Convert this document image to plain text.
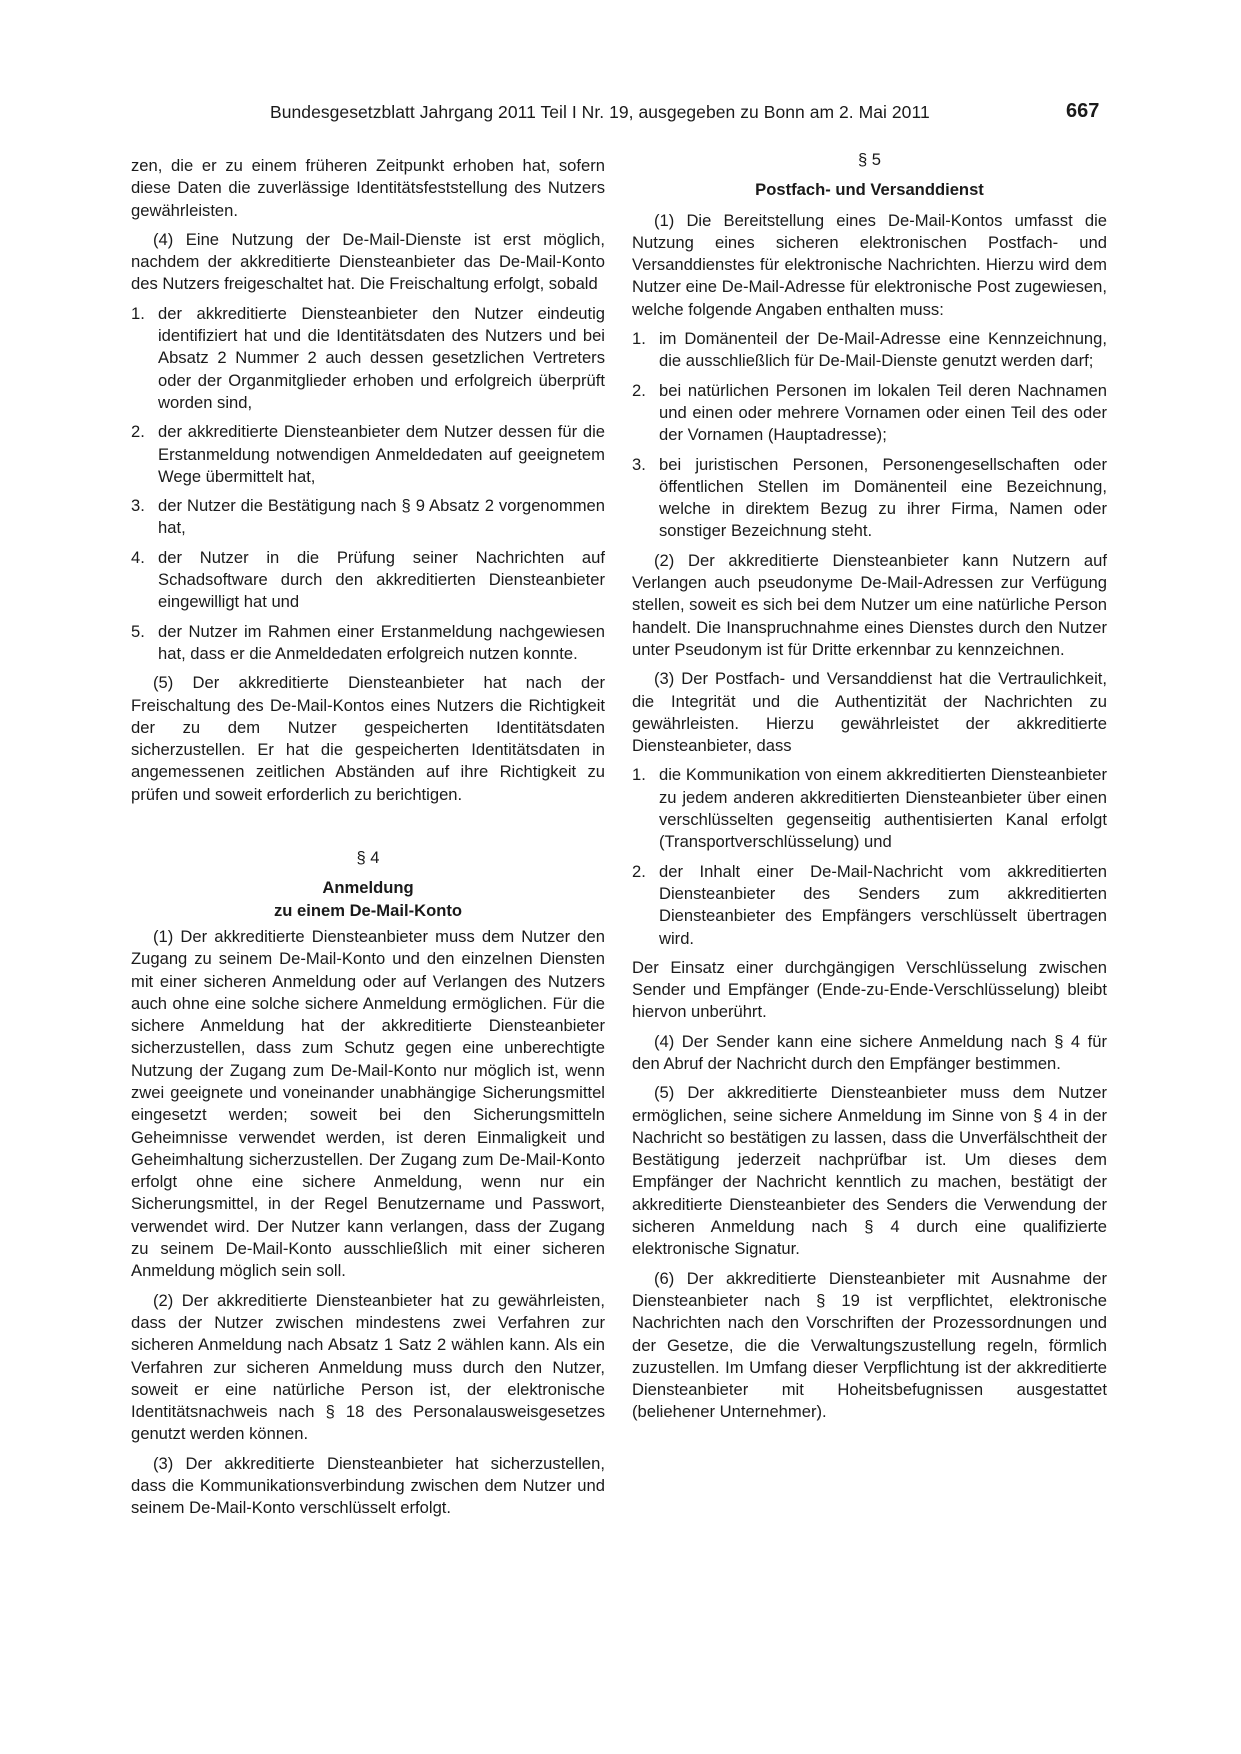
Bundesgesetzblatt Jahrgang 2011 Teil I Nr. 19, ausgegeben zu Bonn am 2. Mai 2011	667

zen, die er zu einem früheren Zeitpunkt erhoben hat, sofern diese Daten die zuverlässige Identitätsfeststellung des Nutzers gewährleisten.

(4) Eine Nutzung der De-Mail-Dienste ist erst möglich, nachdem der akkreditierte Diensteanbieter das De-Mail-Konto des Nutzers freigeschaltet hat. Die Freischaltung erfolgt, sobald

1. der akkreditierte Diensteanbieter den Nutzer eindeutig identifiziert hat und die Identitätsdaten des Nutzers und bei Absatz 2 Nummer 2 auch dessen gesetzlichen Vertreters oder der Organmitglieder erhoben und erfolgreich überprüft worden sind,
2. der akkreditierte Diensteanbieter dem Nutzer dessen für die Erstanmeldung notwendigen Anmeldedaten auf geeignetem Wege übermittelt hat,
3. der Nutzer die Bestätigung nach § 9 Absatz 2 vorgenommen hat,
4. der Nutzer in die Prüfung seiner Nachrichten auf Schadsoftware durch den akkreditierten Diensteanbieter eingewilligt hat und
5. der Nutzer im Rahmen einer Erstanmeldung nachgewiesen hat, dass er die Anmeldedaten erfolgreich nutzen konnte.

(5) Der akkreditierte Diensteanbieter hat nach der Freischaltung des De-Mail-Kontos eines Nutzers die Richtigkeit der zu dem Nutzer gespeicherten Identitätsdaten sicherzustellen. Er hat die gespeicherten Identitätsdaten in angemessenen zeitlichen Abständen auf ihre Richtigkeit zu prüfen und soweit erforderlich zu berichtigen.

§ 4

Anmeldung

zu einem De-Mail-Konto

(1) Der akkreditierte Diensteanbieter muss dem Nutzer den Zugang zu seinem De-Mail-Konto und den einzelnen Diensten mit einer sicheren Anmeldung oder auf Verlangen des Nutzers auch ohne eine solche sichere Anmeldung ermöglichen. Für die sichere Anmeldung hat der akkreditierte Diensteanbieter sicherzustellen, dass zum Schutz gegen eine unberechtigte Nutzung der Zugang zum De-Mail-Konto nur möglich ist, wenn zwei geeignete und voneinander unabhängige Sicherungsmittel eingesetzt werden; soweit bei den Sicherungsmitteln Geheimnisse verwendet werden, ist deren Einmaligkeit und Geheimhaltung sicherzustellen. Der Zugang zum De-Mail-Konto erfolgt ohne eine sichere Anmeldung, wenn nur ein Sicherungsmittel, in der Regel Benutzername und Passwort, verwendet wird. Der Nutzer kann verlangen, dass der Zugang zu seinem De-Mail-Konto ausschließlich mit einer sicheren Anmeldung möglich sein soll.

(2) Der akkreditierte Diensteanbieter hat zu gewährleisten, dass der Nutzer zwischen mindestens zwei Verfahren zur sicheren Anmeldung nach Absatz 1 Satz 2 wählen kann. Als ein Verfahren zur sicheren Anmeldung muss durch den Nutzer, soweit er eine natürliche Person ist, der elektronische Identitätsnachweis nach § 18 des Personalausweisgesetzes genutzt werden können.

(3) Der akkreditierte Diensteanbieter hat sicherzustellen, dass die Kommunikationsverbindung zwischen dem Nutzer und seinem De-Mail-Konto verschlüsselt erfolgt.

§ 5

Postfach- und Versanddienst

(1) Die Bereitstellung eines De-Mail-Kontos umfasst die Nutzung eines sicheren elektronischen Postfach- und Versanddienstes für elektronische Nachrichten. Hierzu wird dem Nutzer eine De-Mail-Adresse für elektronische Post zugewiesen, welche folgende Angaben enthalten muss:

1. im Domänenteil der De-Mail-Adresse eine Kennzeichnung, die ausschließlich für De-Mail-Dienste genutzt werden darf;
2. bei natürlichen Personen im lokalen Teil deren Nachnamen und einen oder mehrere Vornamen oder einen Teil des oder der Vornamen (Hauptadresse);
3. bei juristischen Personen, Personengesellschaften oder öffentlichen Stellen im Domänenteil eine Bezeichnung, welche in direktem Bezug zu ihrer Firma, Namen oder sonstiger Bezeichnung steht.

(2) Der akkreditierte Diensteanbieter kann Nutzern auf Verlangen auch pseudonyme De-Mail-Adressen zur Verfügung stellen, soweit es sich bei dem Nutzer um eine natürliche Person handelt. Die Inanspruchnahme eines Dienstes durch den Nutzer unter Pseudonym ist für Dritte erkennbar zu kennzeichnen.

(3) Der Postfach- und Versanddienst hat die Vertraulichkeit, die Integrität und die Authentizität der Nachrichten zu gewährleisten. Hierzu gewährleistet der akkreditierte Diensteanbieter, dass

1. die Kommunikation von einem akkreditierten Diensteanbieter zu jedem anderen akkreditierten Diensteanbieter über einen verschlüsselten gegenseitig authentisierten Kanal erfolgt (Transportverschlüsselung) und
2. der Inhalt einer De-Mail-Nachricht vom akkreditierten Diensteanbieter des Senders zum akkreditierten Diensteanbieter des Empfängers verschlüsselt übertragen wird.

Der Einsatz einer durchgängigen Verschlüsselung zwischen Sender und Empfänger (Ende-zu-Ende-Verschlüsselung) bleibt hiervon unberührt.

(4) Der Sender kann eine sichere Anmeldung nach § 4 für den Abruf der Nachricht durch den Empfänger bestimmen.

(5) Der akkreditierte Diensteanbieter muss dem Nutzer ermöglichen, seine sichere Anmeldung im Sinne von § 4 in der Nachricht so bestätigen zu lassen, dass die Unverfälschtheit der Bestätigung jederzeit nachprüfbar ist. Um dieses dem Empfänger der Nachricht kenntlich zu machen, bestätigt der akkreditierte Diensteanbieter des Senders die Verwendung der sicheren Anmeldung nach § 4 durch eine qualifizierte elektronische Signatur.

(6) Der akkreditierte Diensteanbieter mit Ausnahme der Diensteanbieter nach § 19 ist verpflichtet, elektronische Nachrichten nach den Vorschriften der Prozessordnungen und der Gesetze, die die Verwaltungszustellung regeln, förmlich zuzustellen. Im Umfang dieser Verpflichtung ist der akkreditierte Diensteanbieter mit Hoheitsbefugnissen ausgestattet (beliehener Unternehmer).
